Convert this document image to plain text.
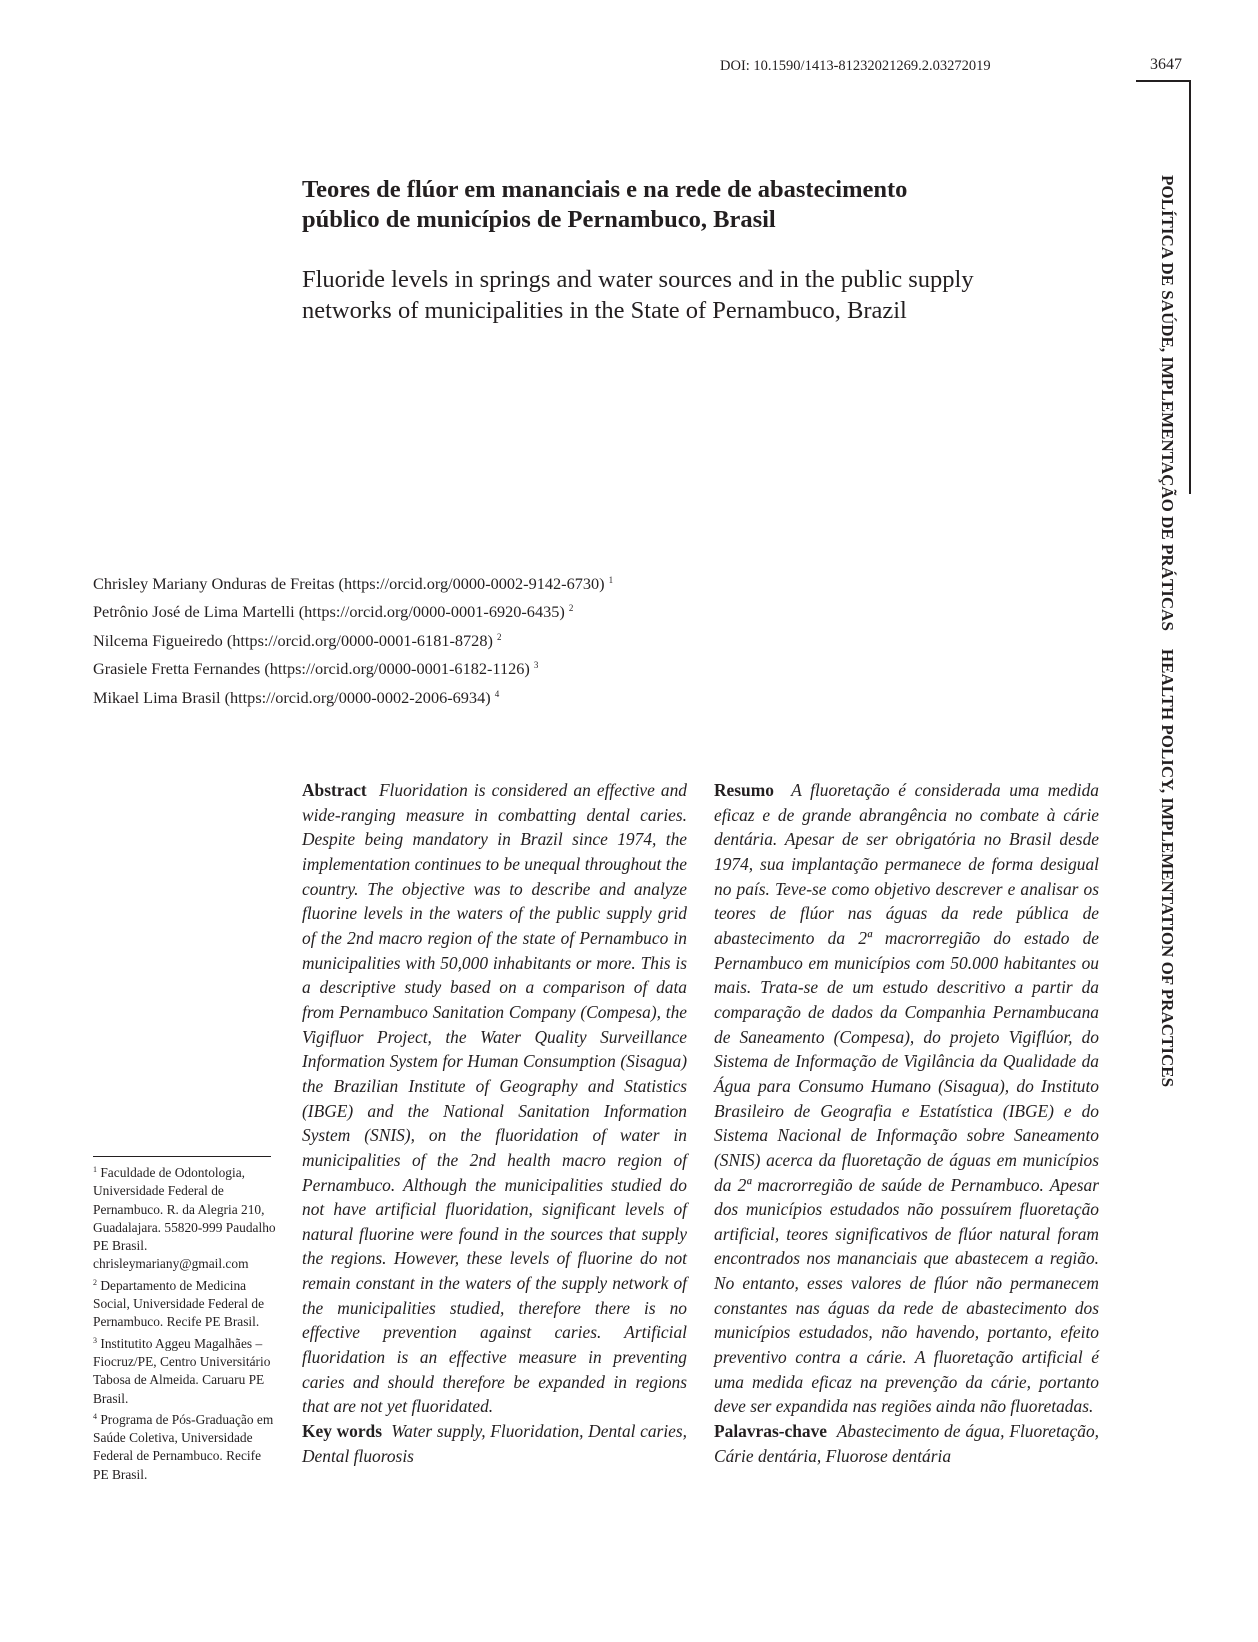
DOI: 10.1590/1413-81232021269.2.03272019	3647
POLÍTICA DE SAÚDE, IMPLEMENTAÇÃO DE PRÁTICASHEALTH POLICY, IMPLEMENTATION OF PRACTICES
Teores de flúor em mananciais e na rede de abastecimento
público de municípios de Pernambuco, Brasil
Fluoride levels in springs and water sources and in the public supply
networks of municipalities in the State of Pernambuco, Brazil
Chrisley Mariany Onduras de Freitas (https://orcid.org/0000-0002-9142-6730) $^1$
Petrônio José de Lima Martelli (https://orcid.org/0000-0001-6920-6435) $^2$
Nilcema Figueiredo (https://orcid.org/0000-0001-6181-8728) $^2$
Grasiele Fretta Fernandes (https://orcid.org/0000-0001-6182-1126) $^3$
Mikael Lima Brasil (https://orcid.org/0000-0002-2006-6934) $^4$
Abstract Fluoridation is considered an effective and wide-ranging measure in combatting dental caries. Despite being mandatory in Brazil since 1974, the implementation continues to be unequal throughout the country. The objective was to describe and analyze fluorine levels in the waters of the public supply grid of the 2nd macro region of the state of Pernambuco in municipalities with 50,000 inhabitants or more. This is a descriptive study based on a comparison of data from Pernambuco Sanitation Company (Compesa), the Vigifluor Project, the Water Quality Surveillance Information System for Human Consumption (Sisagua) the Brazilian Institute of Geography and Statistics (IBGE) and the National Sanitation Information System (SNIS), on the fluoridation of water in municipalities of the 2nd health macro region of Pernambuco. Although the municipalities studied do not have artificial fluoridation, significant levels of natural fluorine were found in the sources that supply the regions. However, these levels of fluorine do not remain constant in the waters of the supply network of the municipalities studied, therefore there is no effective prevention against caries. Artificial fluoridation is an effective measure in preventing caries and should therefore be expanded in regions that are not yet fluoridated.
Key words Water supply, Fluoridation, Dental caries, Dental fluorosis
Resumo A fluoretação é considerada uma medida eficaz e de grande abrangência no combate à cárie dentária. Apesar de ser obrigatória no Brasil desde 1974, sua implantação permanece de forma desigual no país. Teve-se como objetivo descrever e analisar os teores de flúor nas águas da rede pública de abastecimento da 2ª macrorregião do estado de Pernambuco em municípios com 50.000 habitantes ou mais. Trata-se de um estudo descritivo a partir da comparação de dados da Companhia Pernambucana de Saneamento (Compesa), do projeto Vigiflúor, do Sistema de Informação de Vigilância da Qualidade da Água para Consumo Humano (Sisagua), do Instituto Brasileiro de Geografia e Estatística (IBGE) e do Sistema Nacional de Informação sobre Saneamento (SNIS) acerca da fluoretação de águas em municípios da 2ª macrorregião de saúde de Pernambuco. Apesar dos municípios estudados não possuírem fluoretação artificial, teores significativos de flúor natural foram encontrados nos mananciais que abastecem a região. No entanto, esses valores de flúor não permanecem constantes nas águas da rede de abastecimento dos municípios estudados, não havendo, portanto, efeito preventivo contra a cárie. A fluoretação artificial é uma medida eficaz na prevenção da cárie, portanto deve ser expandida nas regiões ainda não fluoretadas.
Palavras-chave Abastecimento de água, Fluoretação, Cárie dentária, Fluorose dentária
$^1$ Faculdade de Odontologia, Universidade Federal de Pernambuco. R. da Alegria 210, Guadalajara. 55820-999 Paudalho PE Brasil. chrisleymariany@gmail.com
$^2$ Departamento de Medicina Social, Universidade Federal de Pernambuco. Recife PE Brasil.
$^3$ Institutito Aggeu Magalhães – Fiocruz/PE, Centro Universitário Tabosa de Almeida. Caruaru PE Brasil.
$^4$ Programa de Pós-Graduação em Saúde Coletiva, Universidade Federal de Pernambuco. Recife PE Brasil.
